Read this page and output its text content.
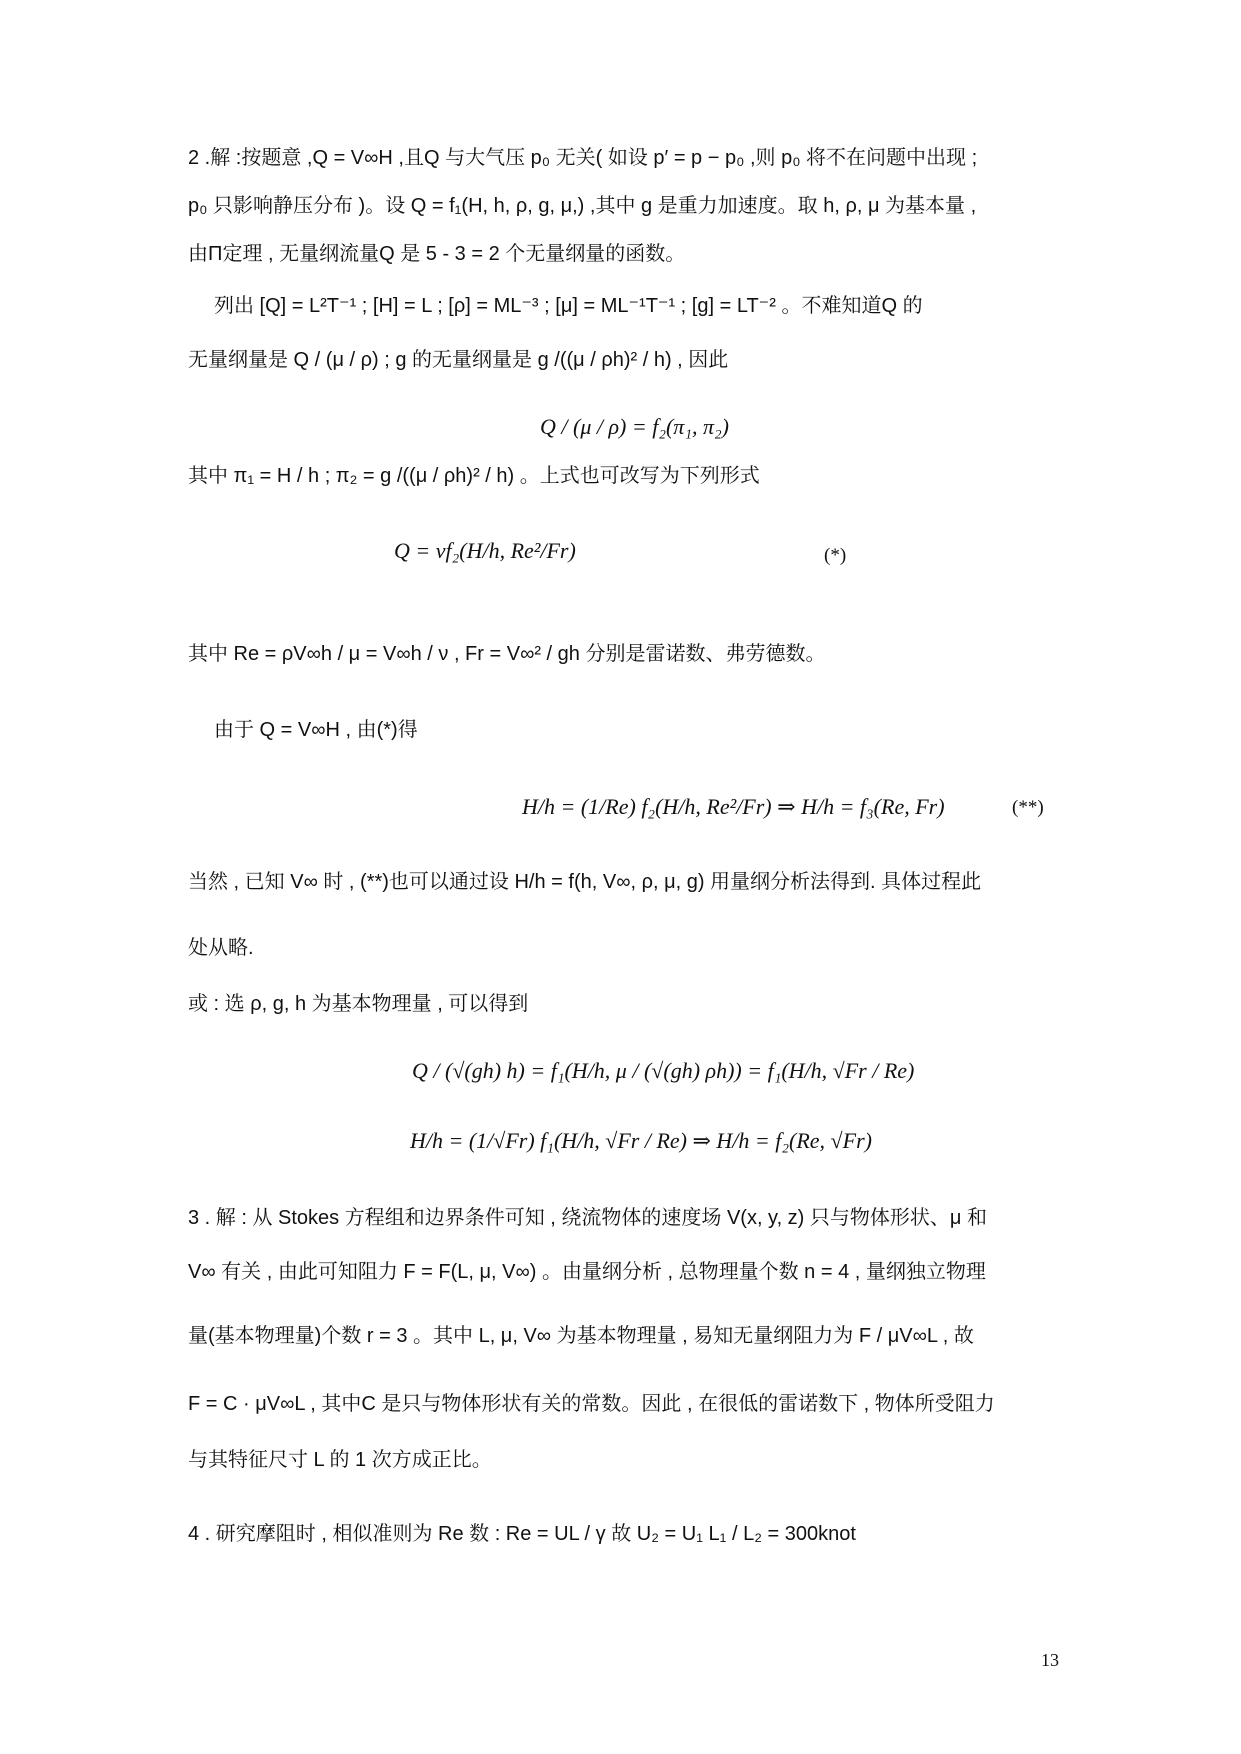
2 .解 :按题意 ,Q = V∞H ,且Q 与大气压 p₀ 无关( 如设 p′ = p − p₀ ,则 p₀ 将不在问题中出现 ;
p₀ 只影响静压分布 )。设 Q = f₁(H, h, ρ, g, μ,) ,其中 g 是重力加速度。取 h, ρ, μ 为基本量 ,
由Π定理 , 无量纲流量Q 是 5 - 3 = 2 个无量纲量的函数。
列出 [Q] = L²T⁻¹ ; [H] = L ; [ρ] = ML⁻³ ; [μ] = ML⁻¹T⁻¹ ; [g] = LT⁻² 。不难知道Q 的
无量纲量是 Q / (μ / ρ) ; g 的无量纲量是 g /((μ / ρh)² / h) , 因此
Q / (μ / ρ) = f₂(π₁, π₂)
其中 π₁ = H / h ; π₂ = g /((μ / ρh)² / h) 。上式也可改写为下列形式
Q = νf₂(H/h, Re²/Fr)	(*)
其中 Re = ρV∞h / μ = V∞h / ν , Fr = V∞² / gh 分别是雷诺数、弗劳德数。
由于 Q = V∞H , 由(*)得
H/h = (1/Re) f₂(H/h, Re²/Fr) ⇒ H/h = f₃(Re, Fr)	(**)
当然 , 已知 V∞ 时 , (**)也可以通过设 H/h = f(h, V∞, ρ, μ, g) 用量纲分析法得到. 具体过程此
处从略.
或 : 选 ρ, g, h 为基本物理量 , 可以得到
Q / (√(gh) h) = f₁(H/h, μ / (√(gh) ρh)) = f₁(H/h, √Fr / Re)
H/h = (1/√Fr) f₁(H/h, √Fr / Re) ⇒ H/h = f₂(Re, √Fr)
3 . 解 : 从 Stokes 方程组和边界条件可知 , 绕流物体的速度场 V(x, y, z) 只与物体形状、μ 和
V∞ 有关 , 由此可知阻力 F = F(L, μ, V∞) 。由量纲分析 , 总物理量个数 n = 4 , 量纲独立物理
量(基本物理量)个数 r = 3 。其中 L, μ, V∞ 为基本物理量 , 易知无量纲阻力为 F / μV∞L , 故
F = C · μV∞L , 其中C 是只与物体形状有关的常数。因此 , 在很低的雷诺数下 , 物体所受阻力
与其特征尺寸 L 的 1 次方成正比。
4 . 研究摩阻时 , 相似准则为 Re 数 : Re = UL / γ 故 U₂ = U₁ L₁ / L₂ = 300knot
13
